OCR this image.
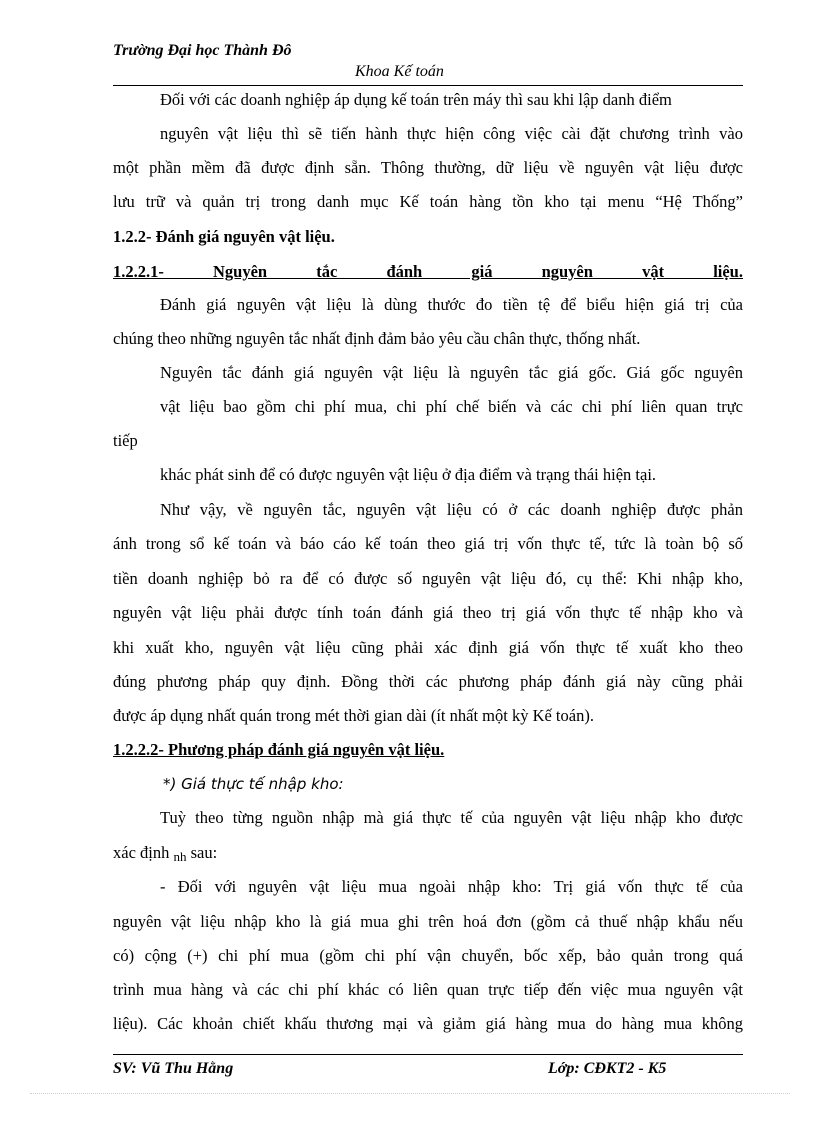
Trường Đại học Thành Đô
Khoa Kế toán
Đối với các doanh nghiệp áp dụng kế toán trên máy thì sau khi lập danh điểm
nguyên vật liệu thì sẽ tiến hành thực hiện công việc cài đặt chương trình vào
một phần mềm đã được định sẵn. Thông thường, dữ liệu về nguyên vật liệu được
lưu trữ và quản trị trong danh mục Kế toán hàng tồn kho tại menu “Hệ Thống”
1.2.2- Đánh giá nguyên vật liệu.
1.2.2.1- Nguyên tắc đánh giá nguyên vật liệu.
Đánh giá nguyên vật liệu là dùng thước đo tiền tệ để biểu hiện giá trị của
chúng theo những nguyên tắc nhất định đảm bảo yêu cầu chân thực, thống nhất.
Nguyên tắc đánh giá nguyên vật liệu là nguyên tắc giá gốc. Giá gốc nguyên
vật liệu bao gồm chi phí mua, chi phí chế biến và các chi phí liên quan trực
tiếp
khác phát sinh để có được nguyên vật liệu ở địa điểm và trạng thái hiện tại.
Như vậy, về nguyên tắc, nguyên vật liệu có ở các doanh nghiệp được phản
ánh trong sổ kế toán và báo cáo kế toán theo giá trị vốn thực tế, tức là toàn bộ số
tiền doanh nghiệp bỏ ra để có được số nguyên vật liệu đó, cụ thể: Khi nhập kho,
nguyên vật liệu phải được tính toán đánh giá theo trị giá vốn thực tế nhập kho và
khi xuất kho, nguyên vật liệu cũng phải xác định giá vốn thực tế xuất kho theo
đúng phương pháp quy định. Đồng thời các phương pháp đánh giá này cũng phải
được áp dụng nhất quán trong mét thời gian dài (ít nhất một kỳ Kế toán).
1.2.2.2- Phương pháp đánh giá nguyên vật liệu.
*) Giá thực tế nhập kho:
Tuỳ theo từng nguồn nhập mà giá thực tế của nguyên vật liệu nhập kho được
xác định nh sau:
- Đối với nguyên vật liệu mua ngoài nhập kho: Trị giá vốn thực tế của
nguyên vật liệu nhập kho là giá mua ghi trên hoá đơn (gồm cả thuế nhập khẩu nếu
có) cộng (+) chi phí mua (gồm chi phí vận chuyển, bốc xếp, bảo quản trong quá
trình mua hàng và các chi phí khác có liên quan trực tiếp đến việc mua nguyên vật
liệu). Các khoản chiết khấu thương mại và giảm giá hàng mua do hàng mua không
SV: Vũ Thu Hằng	Lớp: CĐKT2 - K5
